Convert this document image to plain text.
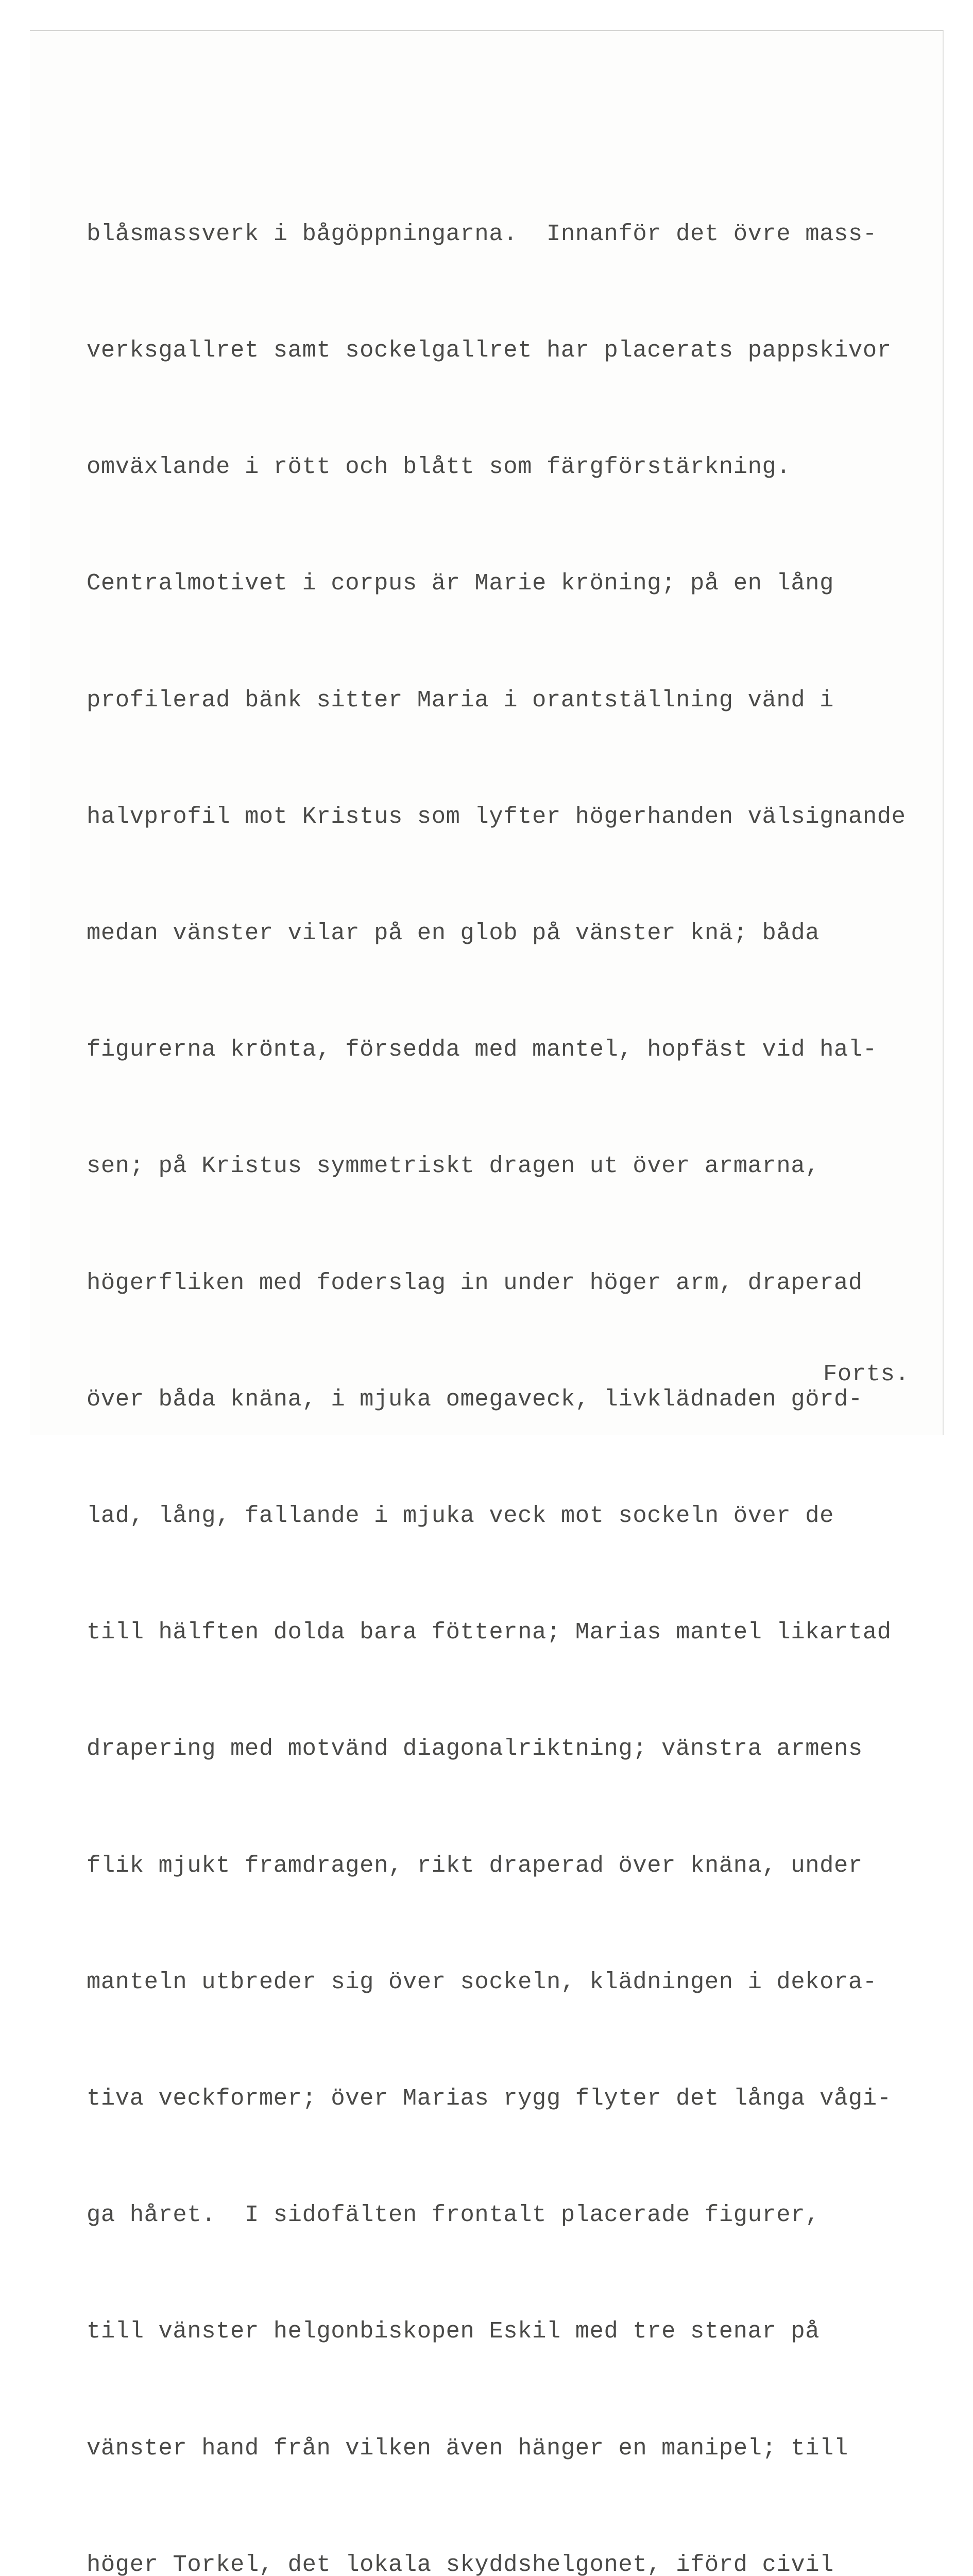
blåsmassverk i bågöppningarna.  Innanför det övre mass-

verksgallret samt sockelgallret har placerats pappskivor

omväxlande i rött och blått som färgförstärkning.

Centralmotivet i corpus är Marie kröning; på en lång

profilerad bänk sitter Maria i orantställning vänd i

halvprofil mot Kristus som lyfter högerhanden välsignande

medan vänster vilar på en glob på vänster knä; båda

figurerna krönta, försedda med mantel, hopfäst vid hal-

sen; på Kristus symmetriskt dragen ut över armarna,

högerfliken med foderslag in under höger arm, draperad

över båda knäna, i mjuka omegaveck, livklädnaden görd-

lad, lång, fallande i mjuka veck mot sockeln över de

till hälften dolda bara fötterna; Marias mantel likartad

drapering med motvänd diagonalriktning; vänstra armens

flik mjukt framdragen, rikt draperad över knäna, under

manteln utbreder sig över sockeln, klädningen i dekora-

tiva veckformer; över Marias rygg flyter det långa vågi-

ga håret.  I sidofälten frontalt placerade figurer,

till vänster helgonbiskopen Eskil med tre stenar på

vänster hand från vilken även hänger en manipel; till

höger Torkel, det lokala skyddshelgonet, iförd civil

Forts.
